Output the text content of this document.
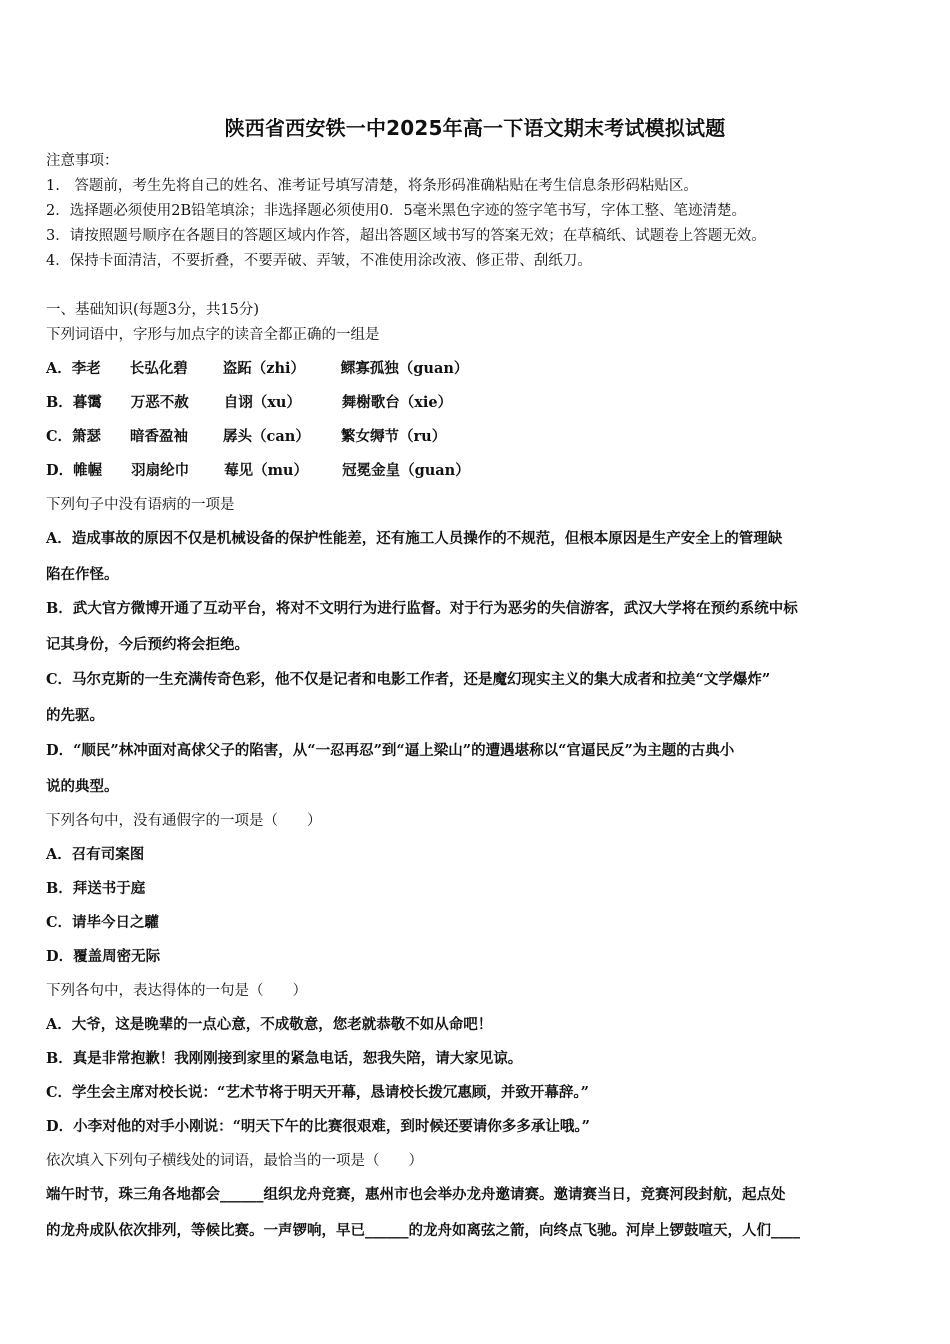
陕西省西安铁一中2025年高一下语文期末考试模拟试题
注意事项：
1.　答题前，考生先将自己的姓名、准考证号填写清楚，将条形码准确粘贴在考生信息条形码粘贴区。
2．选择题必须使用2B铅笔填涂；非选择题必须使用0．5毫米黑色字迹的签字笔书写，字体工整、笔迹清楚。
3．请按照题号顺序在各题目的答题区域内作答，超出答题区域书写的答案无效；在草稿纸、试题卷上答题无效。
4．保持卡面清洁，不要折叠，不要弄破、弄皱，不准使用涂改液、修正带、刮纸刀。
一、基础知识(每题3分，共15分)
下列词语中，字形与加点字的读音全都正确的一组是
A．李老 长弘化碧 盗跖（zhi） 鳏寡孤独（guan）
B．暮霭 万恶不赦 自诩（xu）	舞榭歌台（xie）
C．箫瑟 暗香盈袖 孱头（can） 繁女缛节（ru）
D．帷幄 羽扇纶巾 莓见（mu） 冠冕金皇（guan）
下列句子中没有语病的一项是
A．造成事故的原因不仅是机械设备的保护性能差，还有施工人员操作的不规范，但根本原因是生产安全上的管理缺
陷在作怪。
B．武大官方微博开通了互动平台，将对不文明行为进行监督。对于行为恶劣的失信游客，武汉大学将在预约系统中标
记其身份，今后预约将会拒绝。
C．马尔克斯的一生充满传奇色彩，他不仅是记者和电影工作者，还是魔幻现实主义的集大成者和拉美“文学爆炸”
的先驱。
D．“顺民”林冲面对高俅父子的陷害，从“一忍再忍”到“逼上梁山”的遭遇堪称以“官逼民反”为主题的古典小
说的典型。
下列各句中，没有通假字的一项是（　　）
A．召有司案图
B．拜送书于庭
C．请毕今日之驩
D．覆盖周密无际
下列各句中，表达得体的一句是（　　）
A．大爷，这是晚辈的一点心意，不成敬意，您老就恭敬不如从命吧！
B．真是非常抱歉！我刚刚接到家里的紧急电话，恕我失陪，请大家见谅。
C．学生会主席对校长说：“艺术节将于明天开幕，恳请校长拨冗惠顾，并致开幕辞。”
D．小李对他的对手小刚说：“明天下午的比赛很艰难，到时候还要请你多多承让哦。”
依次填入下列句子横线处的词语，最恰当的一项是（　　）
端午时节，珠三角各地都会______组织龙舟竞赛，惠州市也会举办龙舟邀请赛。邀请赛当日，竞赛河段封航，起点处
的龙舟成队依次排列，等候比赛。一声锣响，早已______的龙舟如离弦之箭，向终点飞驰。河岸上锣鼓喧天，人们____
